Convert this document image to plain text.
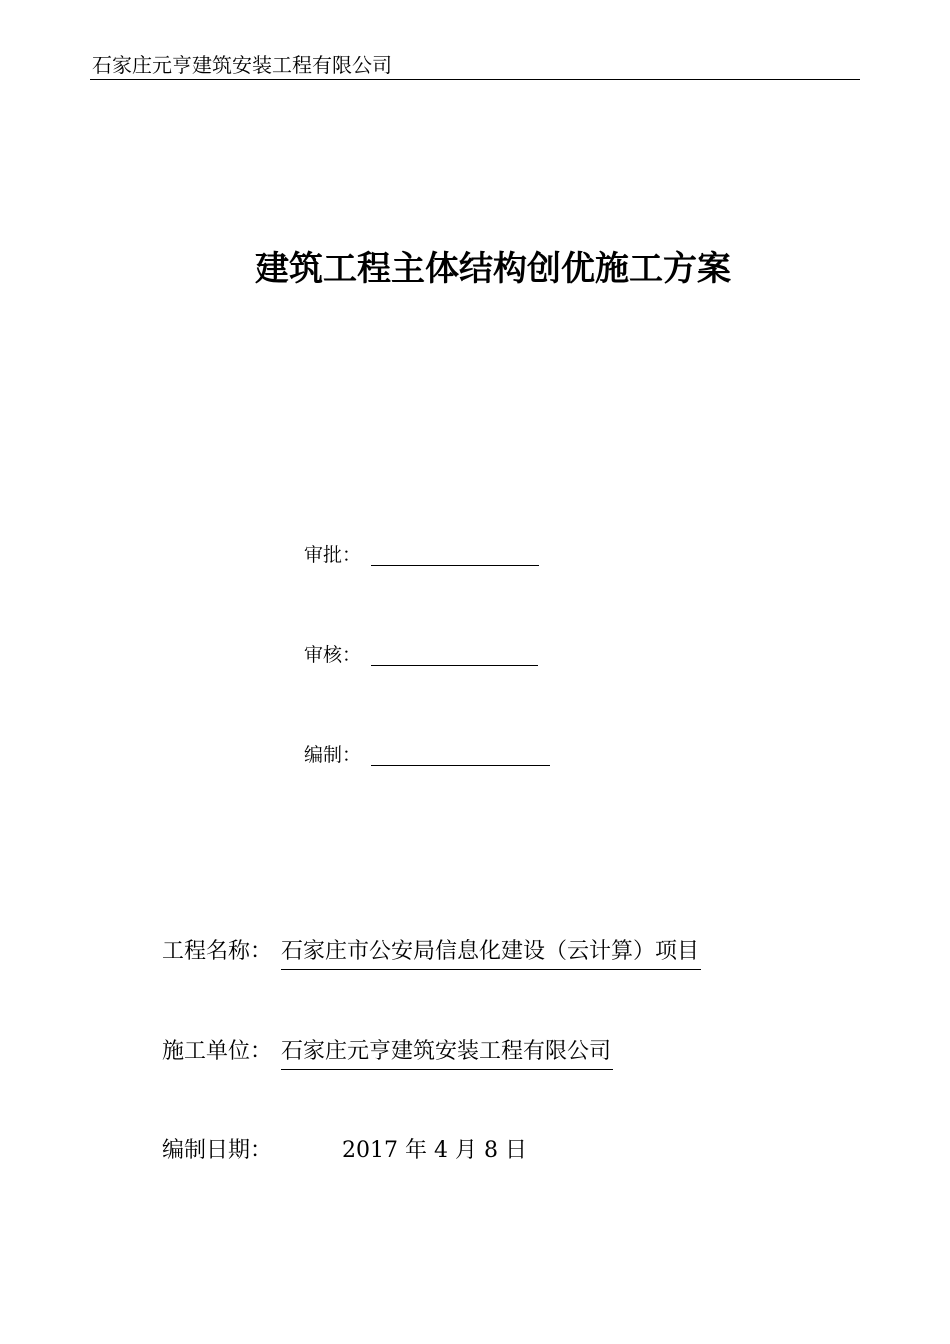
石家庄元亨建筑安装工程有限公司
建筑工程主体结构创优施工方案
审批：
审核：
编制：
工程名称： 石家庄市公安局信息化建设（云计算）项目
施工单位： 石家庄元亨建筑安装工程有限公司
编制日期：	2017 年 4 月 8 日
